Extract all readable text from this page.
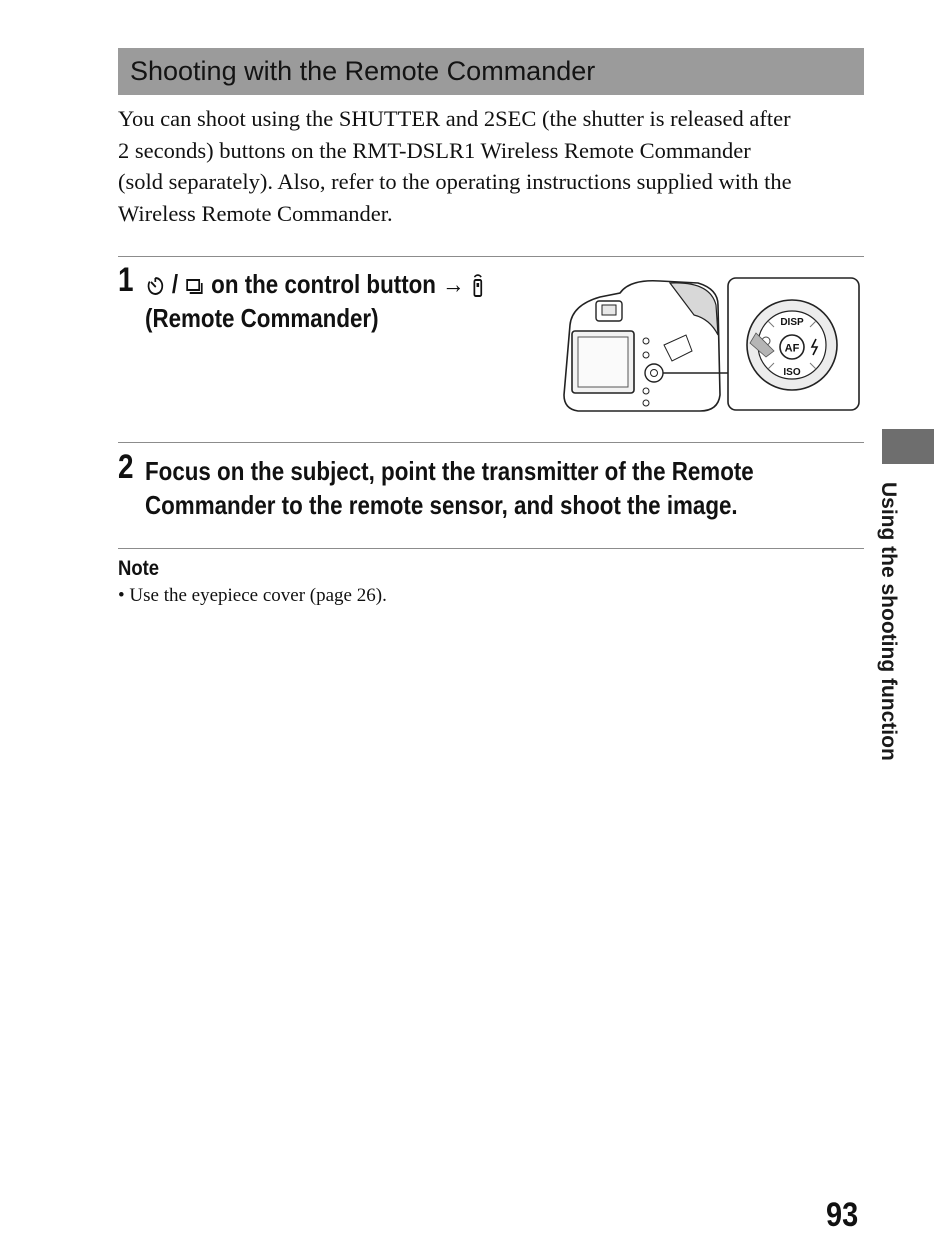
Shooting with the Remote Commander

You can shoot using the SHUTTER and 2SEC (the shutter is released after
2 seconds) buttons on the RMT-DSLR1 Wireless Remote Commander
(sold separately). Also, refer to the operating instructions supplied with the
Wireless Remote Commander.

1	/ on the control button →
(Remote Commander)
AF
DISP
ISO
2 Focus on the subject, point the transmitter of the Remote
Commander to the remote sensor, and shoot the image.
Note
• Use the eyepiece cover (page 26).	Using the shooting function
93
